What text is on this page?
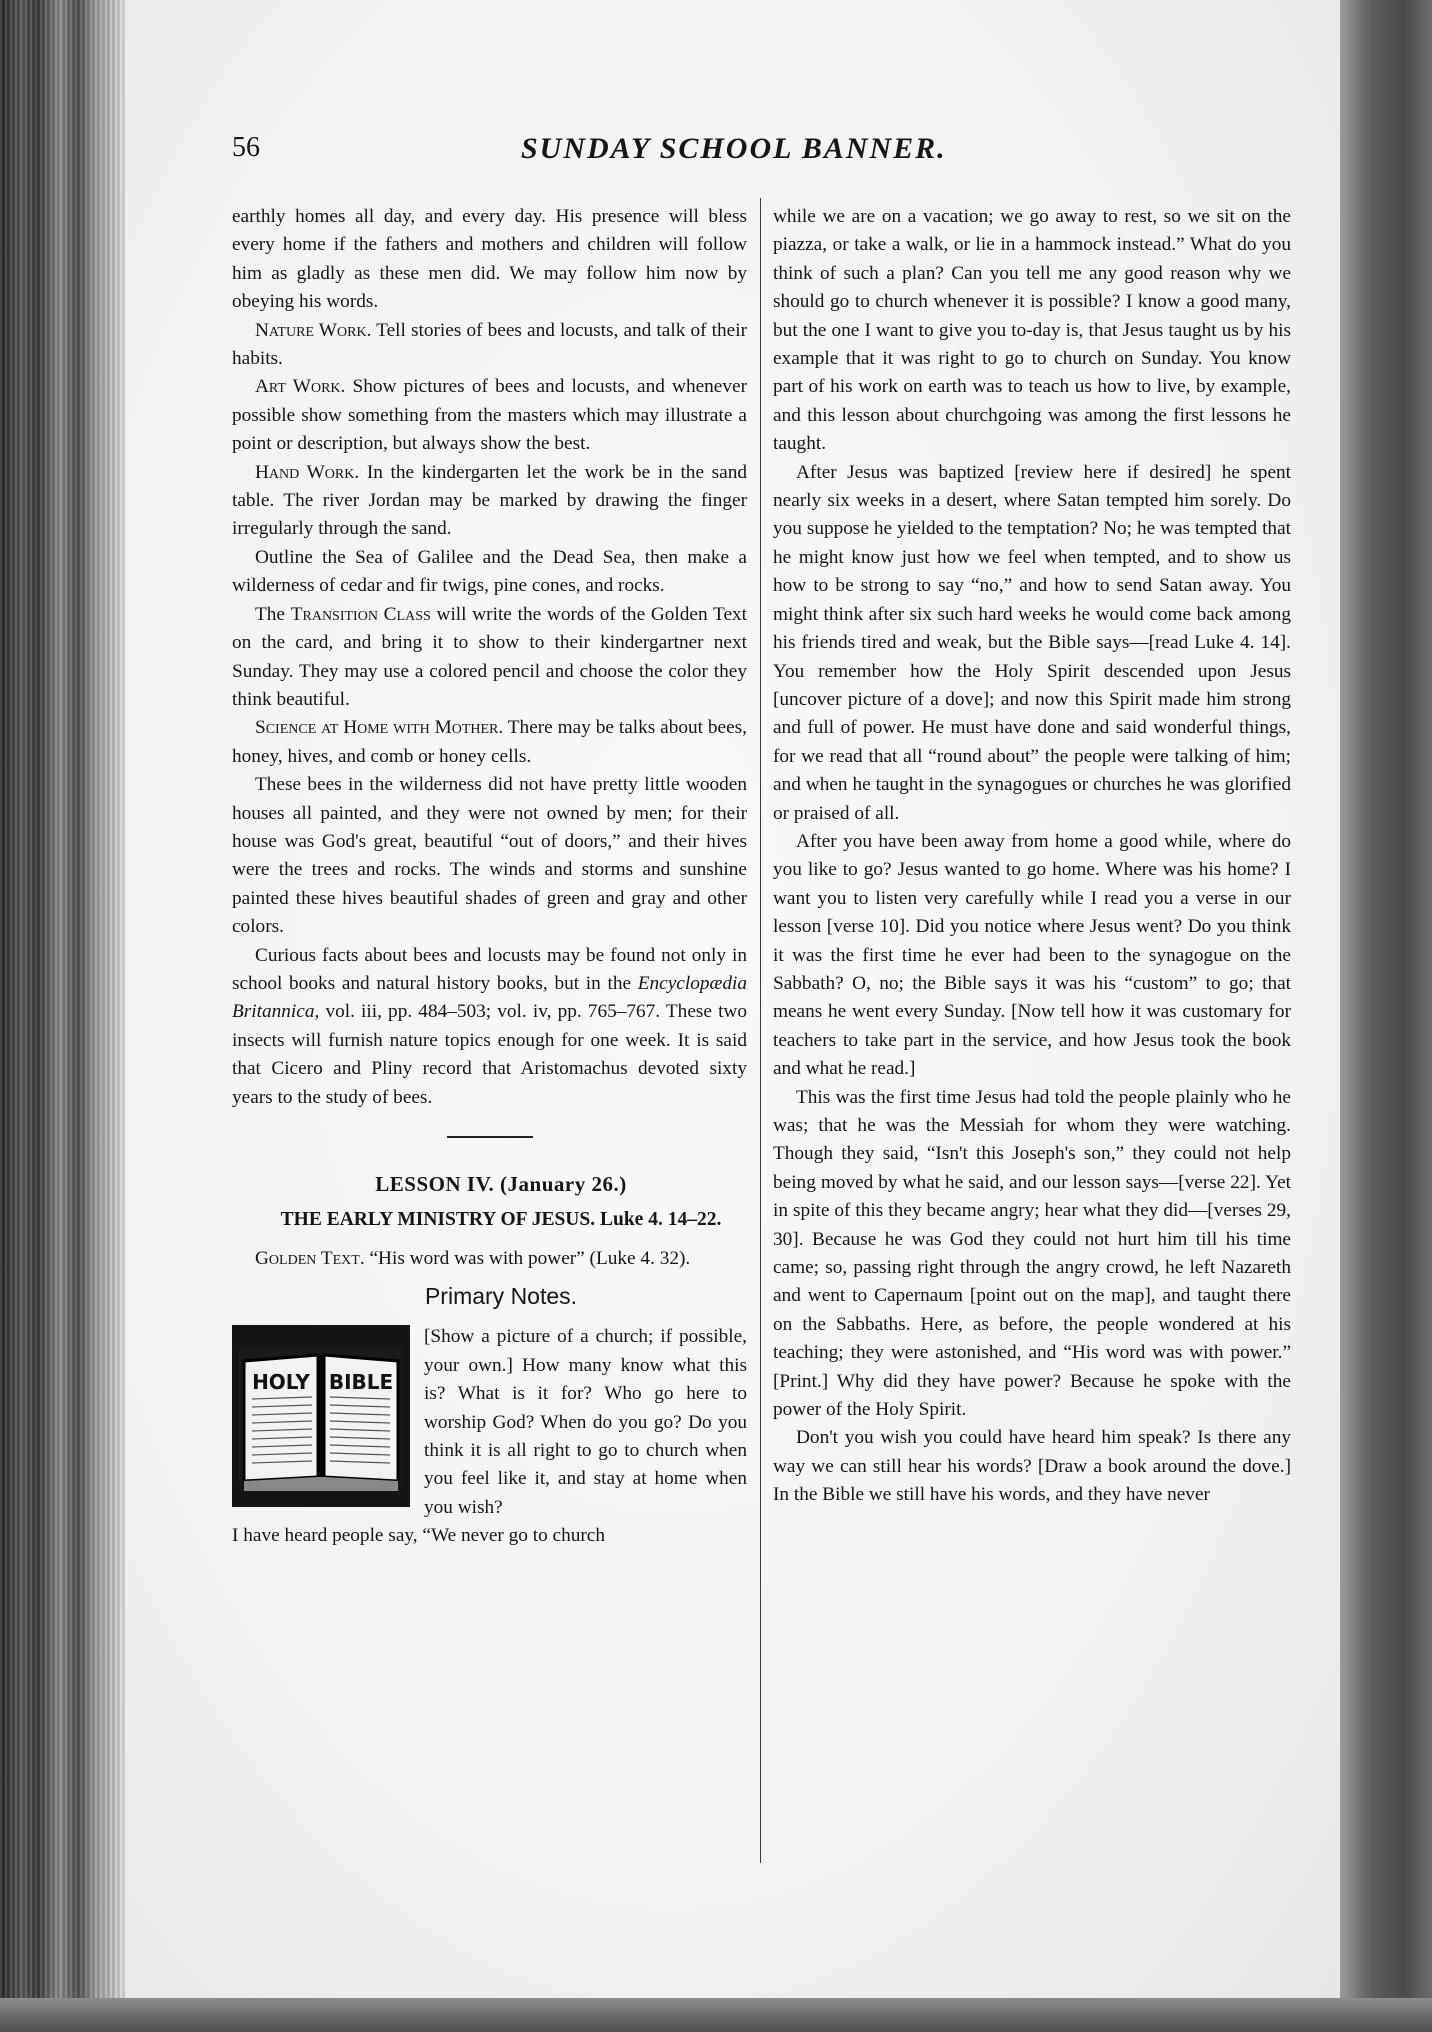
56	SUNDAY SCHOOL BANNER.

earthly homes all day, and every day. His presence will bless every home if the fathers and mothers and children will follow him as gladly as these men did. We may follow him now by obeying his words.

Nature Work. Tell stories of bees and locusts, and talk of their habits.

Art Work. Show pictures of bees and locusts, and whenever possible show something from the masters which may illustrate a point or description, but always show the best.

Hand Work. In the kindergarten let the work be in the sand table. The river Jordan may be marked by drawing the finger irregularly through the sand.

Outline the Sea of Galilee and the Dead Sea, then make a wilderness of cedar and fir twigs, pine cones, and rocks.

The Transition Class will write the words of the Golden Text on the card, and bring it to show to their kindergartner next Sunday. They may use a colored pencil and choose the color they think beautiful.

Science at Home with Mother. There may be talks about bees, honey, hives, and comb or honey cells.

These bees in the wilderness did not have pretty little wooden houses all painted, and they were not owned by men; for their house was God's great, beautiful “out of doors,” and their hives were the trees and rocks. The winds and storms and sunshine painted these hives beautiful shades of green and gray and other colors.

Curious facts about bees and locusts may be found not only in school books and natural history books, but in the Encyclopædia Britannica, vol. iii, pp. 484–503; vol. iv, pp. 765–767. These two insects will furnish nature topics enough for one week. It is said that Cicero and Pliny record that Aristomachus devoted sixty years to the study of bees.

LESSON IV. (January 26.)

THE EARLY MINISTRY OF JESUS. Luke 4. 14–22.

Golden Text. “His word was with power” (Luke 4. 32).

Primary Notes.

HOLY BIBLE
[Show a picture of a church; if possible, your own.] How many know what this is? What is it for? Who go here to worship God? When do you go? Do you think it is all right to go to church when you feel like it, and stay at home when you wish?

I have heard people say, “We never go to church

while we are on a vacation; we go away to rest, so we sit on the piazza, or take a walk, or lie in a hammock instead.” What do you think of such a plan? Can you tell me any good reason why we should go to church whenever it is possible? I know a good many, but the one I want to give you to-day is, that Jesus taught us by his example that it was right to go to church on Sunday. You know part of his work on earth was to teach us how to live, by example, and this lesson about churchgoing was among the first lessons he taught.

After Jesus was baptized [review here if desired] he spent nearly six weeks in a desert, where Satan tempted him sorely. Do you suppose he yielded to the temptation? No; he was tempted that he might know just how we feel when tempted, and to show us how to be strong to say “no,” and how to send Satan away. You might think after six such hard weeks he would come back among his friends tired and weak, but the Bible says—[read Luke 4. 14]. You remember how the Holy Spirit descended upon Jesus [uncover picture of a dove]; and now this Spirit made him strong and full of power. He must have done and said wonderful things, for we read that all “round about” the people were talking of him; and when he taught in the synagogues or churches he was glorified or praised of all.

After you have been away from home a good while, where do you like to go? Jesus wanted to go home. Where was his home? I want you to listen very carefully while I read you a verse in our lesson [verse 10]. Did you notice where Jesus went? Do you think it was the first time he ever had been to the synagogue on the Sabbath? O, no; the Bible says it was his “custom” to go; that means he went every Sunday. [Now tell how it was customary for teachers to take part in the service, and how Jesus took the book and what he read.]

This was the first time Jesus had told the people plainly who he was; that he was the Messiah for whom they were watching. Though they said, “Isn't this Joseph's son,” they could not help being moved by what he said, and our lesson says—[verse 22]. Yet in spite of this they became angry; hear what they did—[verses 29, 30]. Because he was God they could not hurt him till his time came; so, passing right through the angry crowd, he left Nazareth and went to Capernaum [point out on the map], and taught there on the Sabbaths. Here, as before, the people wondered at his teaching; they were astonished, and “His word was with power.” [Print.] Why did they have power? Because he spoke with the power of the Holy Spirit.

Don't you wish you could have heard him speak? Is there any way we can still hear his words? [Draw a book around the dove.] In the Bible we still have his words, and they have never
